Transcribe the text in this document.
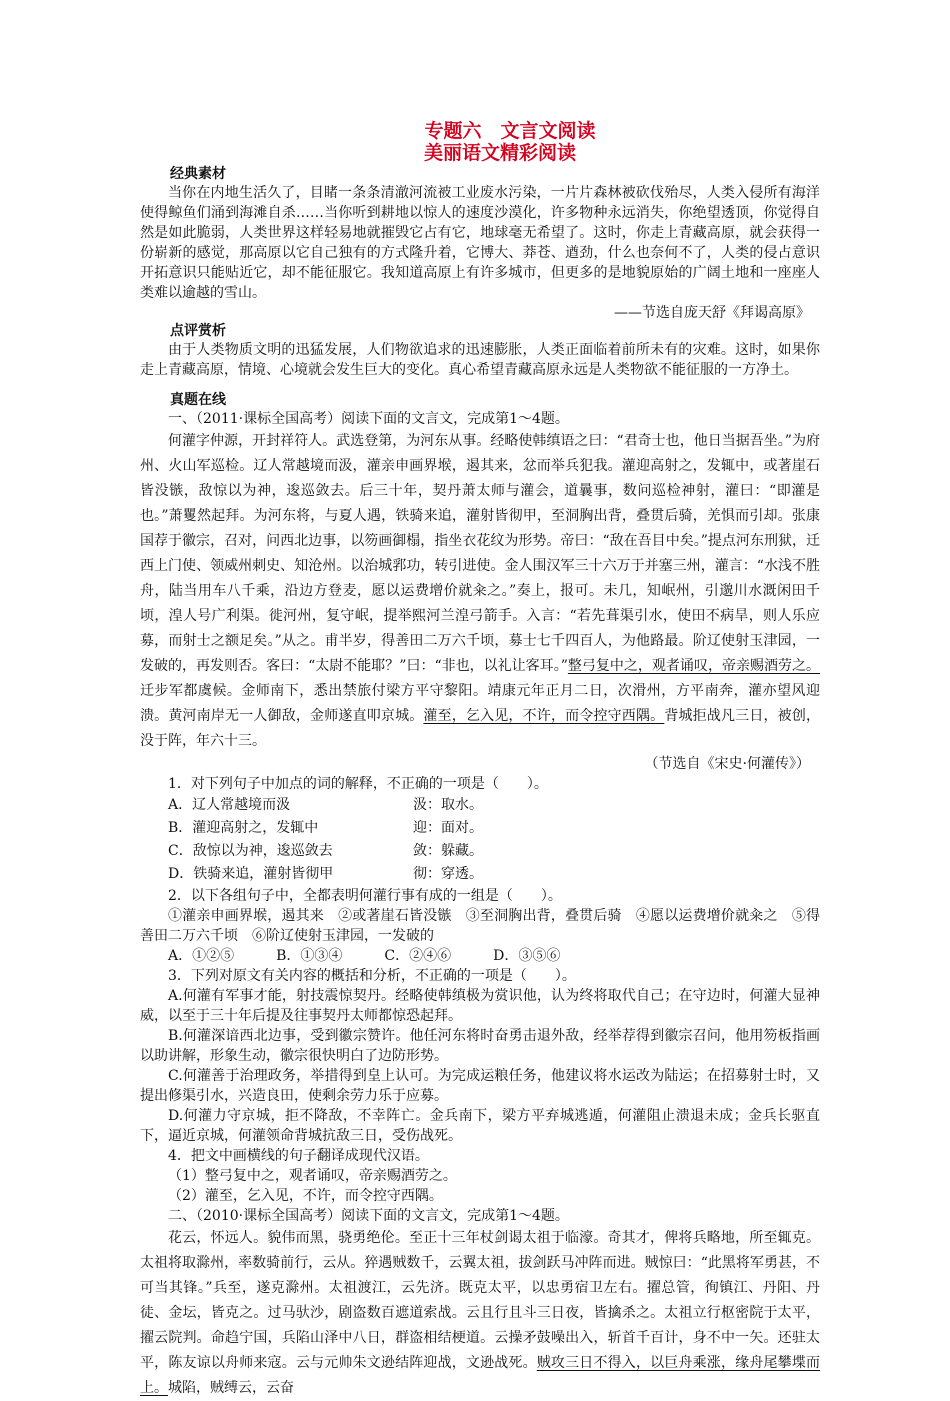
专题六　文言文阅读
美丽语文精彩阅读
经典素材

当你在内地生活久了，目睹一条条清澈河流被工业废水污染，一片片森林被砍伐殆尽，人类入侵所有海洋使得鲸鱼们涌到海滩自杀……当你听到耕地以惊人的速度沙漠化，许多物种永远消失，你绝望透顶，你觉得自然是如此脆弱，人类世界这样轻易地就摧毁它占有它，地球毫无希望了。这时，你走上青藏高原，就会获得一份崭新的感觉，那高原以它自己独有的方式隆升着，它博大、莽苍、遒劲，什么也奈何不了，人类的侵占意识开拓意识只能贴近它，却不能征服它。我知道高原上有许多城市，但更多的是地貌原始的广阔土地和一座座人类难以逾越的雪山。

——节选自庞天舒《拜谒高原》

点评赏析

由于人类物质文明的迅猛发展，人们物欲追求的迅速膨胀，人类正面临着前所未有的灾难。这时，如果你走上青藏高原，情境、心境就会发生巨大的变化。真心希望青藏高原永远是人类物欲不能征服的一方净土。

真题在线

一、（2011·课标全国高考）阅读下面的文言文，完成第1～4题。

何灌字仲源，开封祥符人。武选登第，为河东从事。经略使韩缜语之曰：“君奇士也，他日当据吾坐。”为府州、火山军巡检。辽人常越境而汲，灌亲申画界堠，遏其来，忿而举兵犯我。灌迎高射之，发辄中，或著崖石皆没镞，敌惊以为神，逡巡敛去。后三十年，契丹萧太师与灌会，道曩事，数问巡检神射，灌曰：“即灌是也。”萧矍然起拜。为河东将，与夏人遇，铁骑来追，灌射皆彻甲，至洞胸出背，叠贯后骑，羌惧而引却。张康国荐于徽宗，召对，问西北边事，以笏画御榻，指坐衣花纹为形势。帝曰：“敌在吾目中矣。”提点河东刑狱，迁西上门使、领威州刺史、知沧州。以治城郛功，转引进使。金人围汉军三十六万于并塞三州，灌言：“水浅不胜舟，陆当用车八千乘，沿边方登麦，愿以运费增价就籴之。”奏上，报可。未几，知岷州，引邈川水溉闲田千顷，湟人号广利渠。徙河州，复守岷，提举熙河兰湟弓箭手。入言：“若先葺渠引水，使田不病旱，则人乐应募，而射士之额足矣。”从之。甫半岁，得善田二万六千顷，募士七千四百人，为他路最。阶辽使射玉津园，一发破的，再发则否。客曰：“太尉不能耶？”曰：“非也，以礼让客耳。”整弓复中之，观者诵叹，帝亲赐酒劳之。迁步军都虞候。金师南下，悉出禁旅付梁方平守黎阳。靖康元年正月二日，次滑州，方平南奔，灌亦望风迎溃。黄河南岸无一人御敌，金师遂直叩京城。灌至，乞入见，不许，而令控守西隅。背城拒战凡三日，被创，没于阵，年六十三。

（节选自《宋史·何灌传》）

1．对下列句子中加点的词的解释，不正确的一项是（　　）。

A．辽人常越境而汲	汲：取水。
B．灌迎高射之，发辄中	迎：面对。
C．敌惊以为神，逡巡敛去	敛：躲藏。
D．铁骑来追，灌射皆彻甲	彻：穿透。

2．以下各组句子中，全都表明何灌行事有成的一组是（　　）。

①灌亲申画界堠，遏其来　②或著崖石皆没镞　③至洞胸出背，叠贯后骑　④愿以运费增价就籴之　⑤得善田二万六千顷　⑥阶辽使射玉津园，一发破的

A．①②⑤　　　B．①③④　　　C．②④⑥　　　D．③⑤⑥

3．下列对原文有关内容的概括和分析，不正确的一项是（　　）。

A.何灌有军事才能，射技震惊契丹。经略使韩缜极为赏识他，认为终将取代自己；在守边时，何灌大显神威，以至于三十年后提及往事契丹太师都惊恐起拜。

B.何灌深谙西北边事，受到徽宗赞许。他任河东将时奋勇击退外敌，经举荐得到徽宗召问，他用笏板指画以助讲解，形象生动，徽宗很快明白了边防形势。

C.何灌善于治理政务，举措得到皇上认可。为完成运粮任务，他建议将水运改为陆运；在招募射士时，又提出修渠引水，兴造良田，使剩余劳力乐于应募。

D.何灌力守京城，拒不降敌，不幸阵亡。金兵南下，梁方平弃城逃遁，何灌阻止溃退未成；金兵长驱直下，逼近京城，何灌领命背城抗敌三日，受伤战死。

4．把文中画横线的句子翻译成现代汉语。

（1）整弓复中之，观者诵叹，帝亲赐酒劳之。

（2）灌至，乞入见，不许，而令控守西隅。

二、（2010·课标全国高考）阅读下面的文言文，完成第1～4题。

花云，怀远人。貌伟而黑，骁勇绝伦。至正十三年杖剑谒太祖于临濠。奇其才，俾将兵略地，所至辄克。太祖将取滁州，率数骑前行，云从。猝遇贼数千，云翼太祖，拔剑跃马冲阵而进。贼惊曰：“此黑将军勇甚，不可当其锋。”兵至，遂克滁州。太祖渡江，云先济。既克太平，以忠勇宿卫左右。擢总管，徇镇江、丹阳、丹徒、金坛，皆克之。过马驮沙，剧盗数百遮道索战。云且行且斗三日夜，皆擒杀之。太祖立行枢密院于太平，擢云院判。命趋宁国，兵陷山泽中八日，群盗相结梗道。云操矛鼓噪出入，斩首千百计，身不中一矢。还驻太平，陈友谅以舟师来寇。云与元帅朱文逊结阵迎战，文逊战死。贼攻三日不得入，以巨舟乘涨，缘舟尾攀堞而上。城陷，贼缚云，云奋
